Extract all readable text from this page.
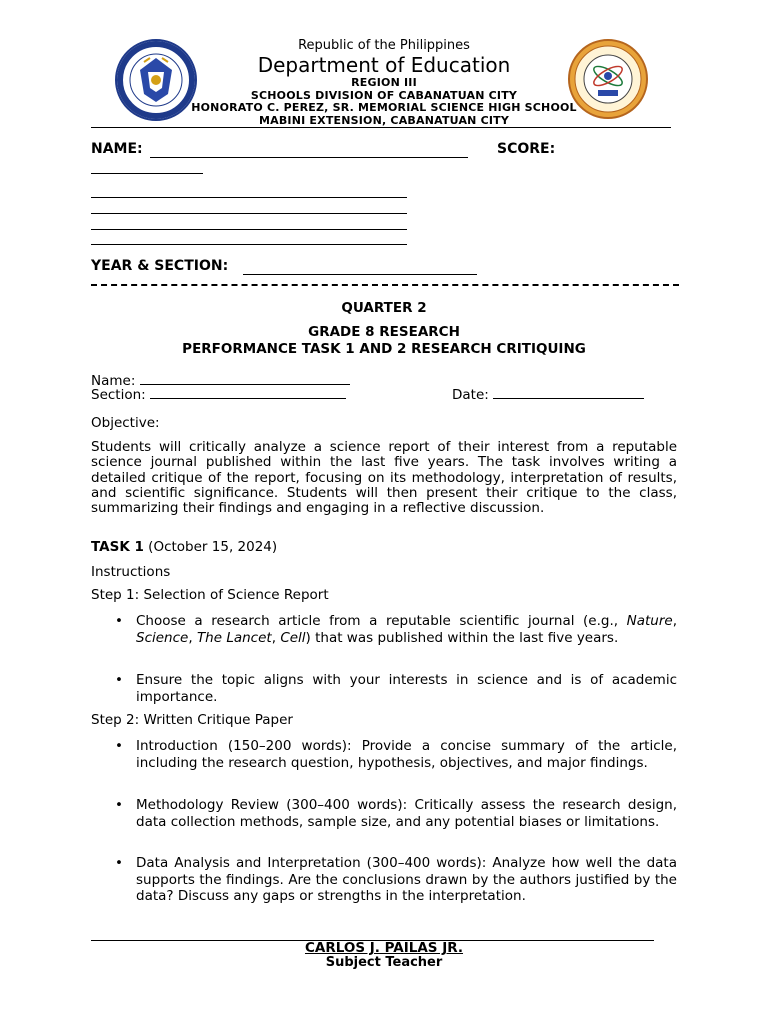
Republic of the Philippines
Department of Education
REGION III
SCHOOLS DIVISION OF CABANATUAN CITY
HONORATO C. PEREZ, SR. MEMORIAL SCIENCE HIGH SCHOOL
MABINI EXTENSION, CABANATUAN CITY
NAME:	SCORE:
YEAR & SECTION:
QUARTER 2
GRADE 8 RESEARCH
PERFORMANCE TASK 1 AND 2 RESEARCH CRITIQUING
Name:
Section:	Date:
Objective:
Students will critically analyze a science report of their interest from a reputable science journal published within the last five years. The task involves writing a detailed critique of the report, focusing on its methodology, interpretation of results, and scientific significance. Students will then present their critique to the class, summarizing their findings and engaging in a reflective discussion.
TASK 1 (October 15, 2024)
Instructions
Step 1: Selection of Science Report
• Choose a research article from a reputable scientific journal (e.g., Nature, Science, The Lancet, Cell) that was published within the last five years.
• Ensure the topic aligns with your interests in science and is of academic importance.
Step 2: Written Critique Paper
• Introduction (150–200 words): Provide a concise summary of the article, including the research question, hypothesis, objectives, and major findings.
• Methodology Review (300–400 words): Critically assess the research design, data collection methods, sample size, and any potential biases or limitations.
• Data Analysis and Interpretation (300–400 words): Analyze how well the data supports the findings. Are the conclusions drawn by the authors justified by the data? Discuss any gaps or strengths in the interpretation.
CARLOS J. PAILAS JR.
Subject Teacher
